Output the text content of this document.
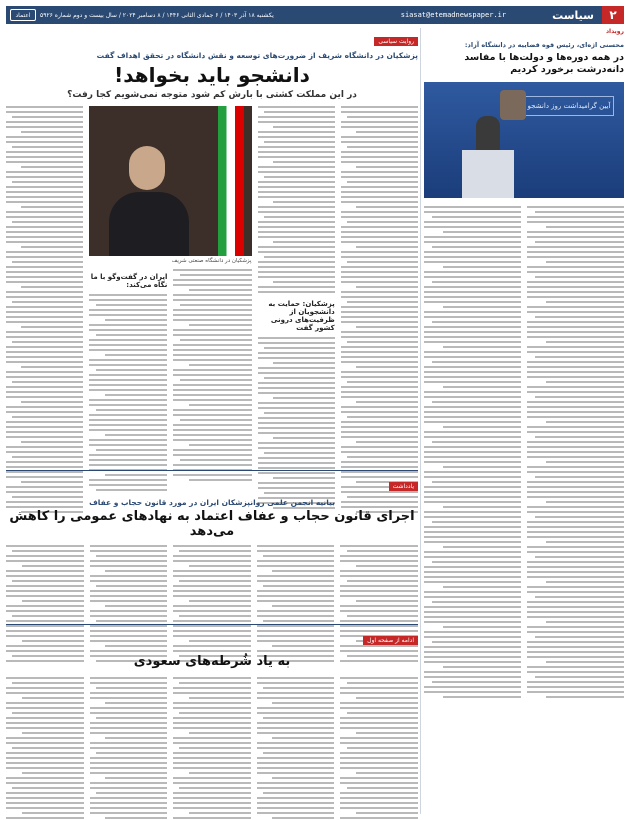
۲
سیاست
siasat@etemadnewspaper.ir
یکشنبه ۱۸ آذر ۱۴۰۳ / ۶ جمادی الثانی ۱۴۴۶ / ۸ دسامبر ۲۰۲۴ / سال بیست و دوم شماره ۵۹۲۶
اعتماد
رویداد
محسنی اژه‌ای، رئیس قوه قضاییه در دانشگاه آزاد:
در همه دوره‌ها و دولت‌ها با مفاسد دانه‌درشت برخورد کردیم
آیین گرامیداشت روز دانشجو
روایت سیاسی
پزشکیان در دانشگاه شریف از ضرورت‌های توسعه و نقش دانشگاه در تحقق اهداف گفت
دانشجو باید بخواهد!
در این مملکت کشتی با بارش کم شود متوجه نمی‌شویم کجا رفت؟
پزشکیان: حمایت به دانشجویان از ظرفیت‌های درونی کشور گفت
پزشکیان در دانشگاه صنعتی شریف
ایران در گفت‌وگو با ما نگاه می‌کند:
یادداشت
بیانیه انجمن علمی روانپزشکان ایران در مورد قانون حجاب و عفاف
اجرای قانون حجاب و عفاف اعتماد به نهادهای عمومی را کاهش می‌دهد
ادامه از صفحه اول
به یاد شُرطه‌های سعودی
